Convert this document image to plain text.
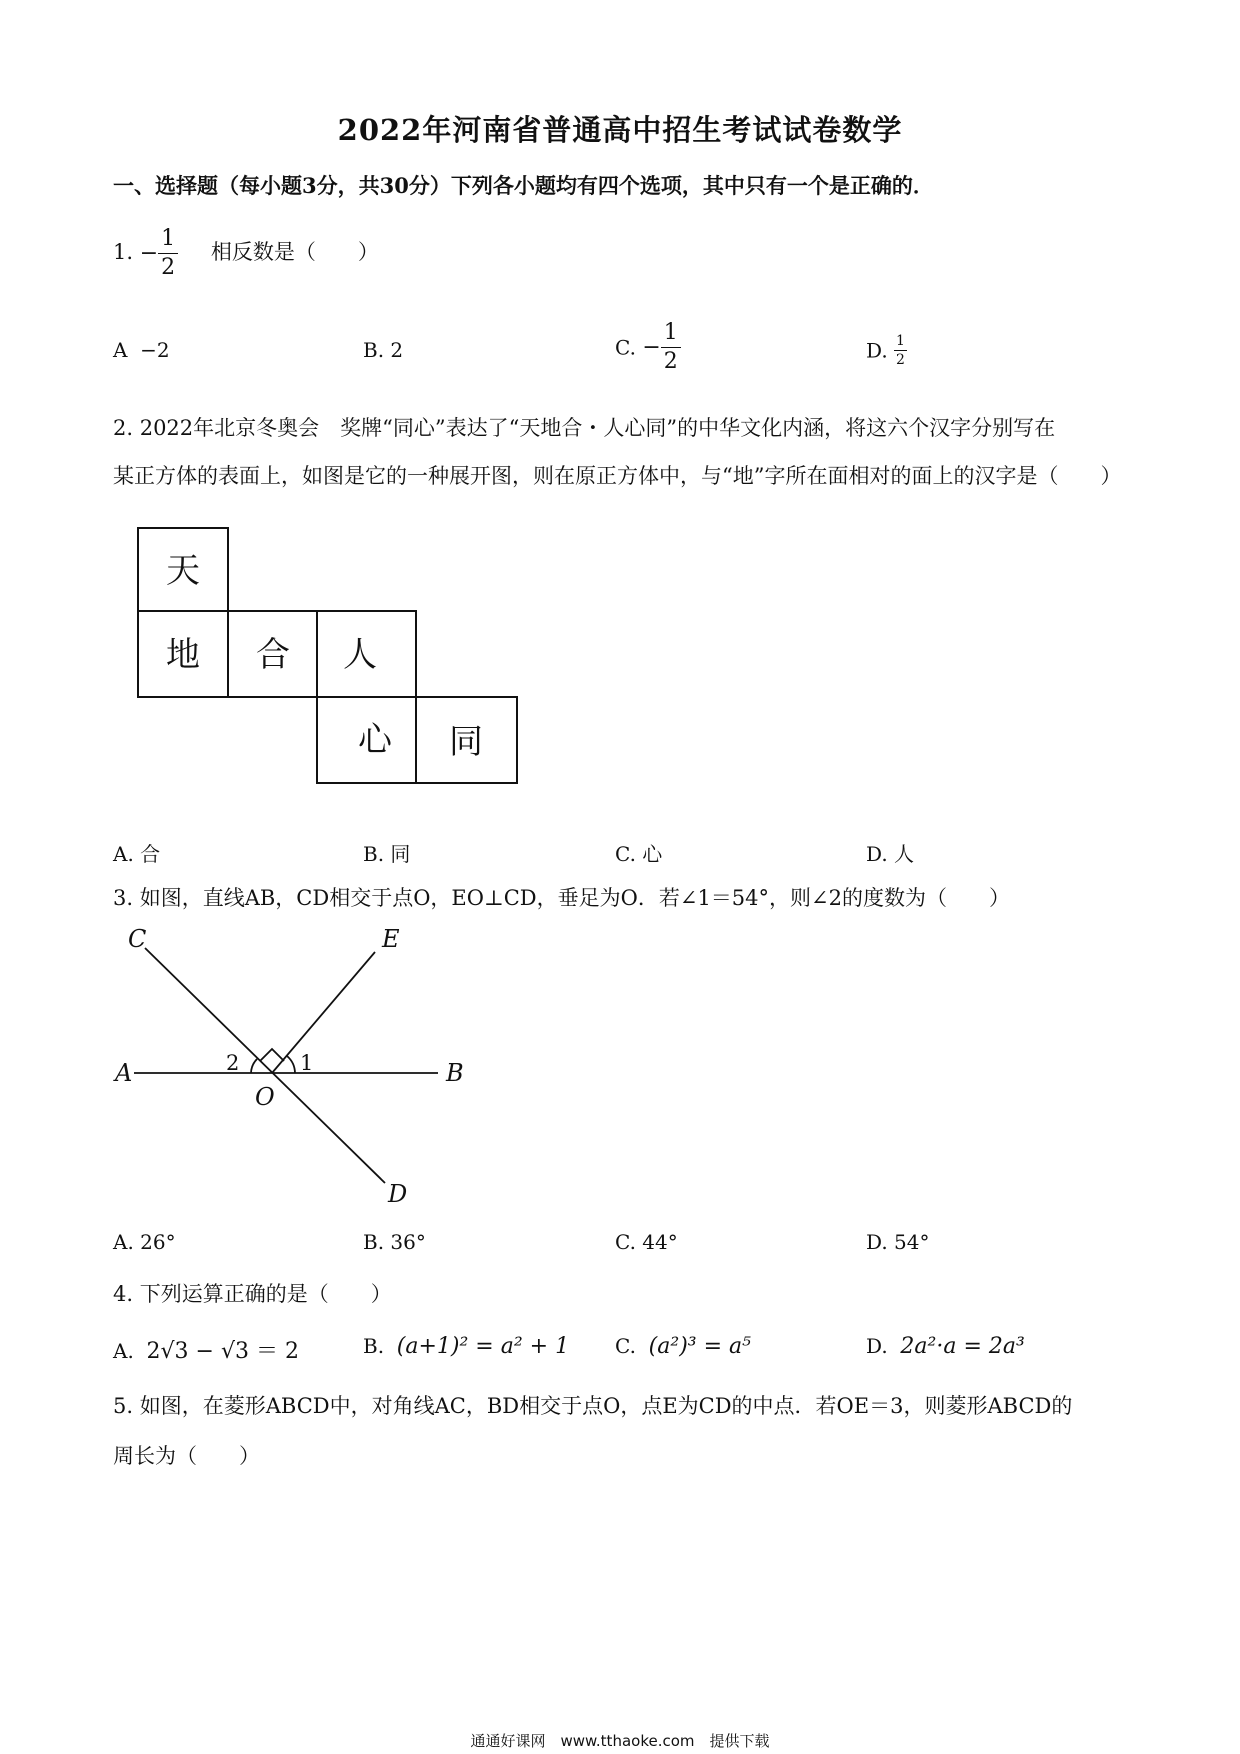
2022年河南省普通高中招生考试试卷数学
一、选择题（每小题3分，共30分）下列各小题均有四个选项，其中只有一个是正确的．
1. − $\frac{1}{2}$ 相反数是（　　）
A −2	B. 2	C. − $\frac{1}{2}$	D. $\frac{1}{2}$
2. 2022年北京冬奥会　奖牌“同心”表达了“天地合・人心同”的中华文化内涵，将这六个汉字分别写在
某正方体的表面上，如图是它的一种展开图，则在原正方体中，与“地”字所在面相对的面上的汉字是（　　）
天
地 合 人
心 同
A. 合	B. 同	C. 心	D. 人
3. 如图，直线AB，CD相交于点O，EO⊥CD，垂足为O．若∠1＝54°，则∠2的度数为（　　）
C	E
A	B
O
D
1
2
A. 26°	B. 36°	C. 44°	D. 54°
4. 下列运算正确的是（　　）
A. 2√3 − √3 ＝ 2	B. (a+1)² = a² + 1 C. (a²)³ = a⁵	D. 2a²·a = 2a³
5. 如图，在菱形ABCD中，对角线AC，BD相交于点O，点E为CD的中点．若OE＝3，则菱形ABCD的
周长为（　　）
通通好课网　www.tthaoke.com　提供下载
